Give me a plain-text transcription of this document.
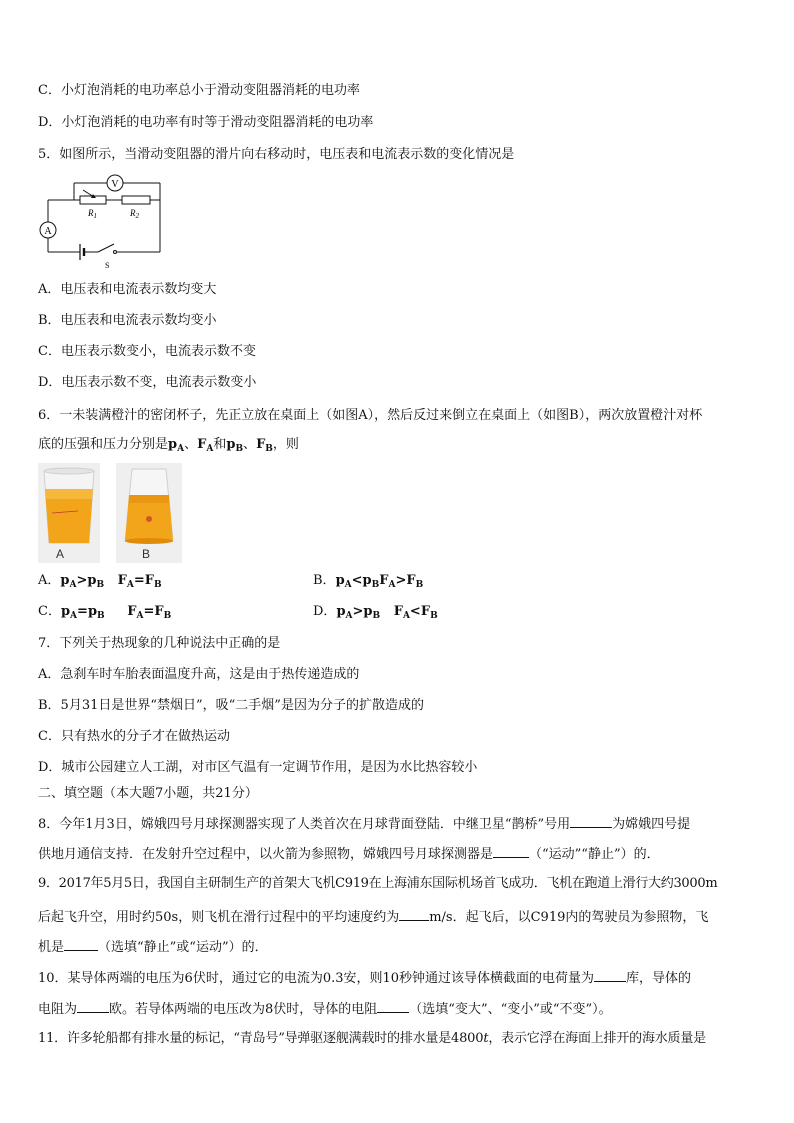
C．小灯泡消耗的电功率总小于滑动变阻器消耗的电功率
D．小灯泡消耗的电功率有时等于滑动变阻器消耗的电功率
5．如图所示，当滑动变阻器的滑片向右移动时，电压表和电流表示数的变化情况是
V
A
$R_1$	$R_2$
S
A．电压表和电流表示数均变大
B．电压表和电流表示数均变小
C．电压表示数变小，电流表示数不变
D．电压表示数不变，电流表示数变小
6．一未装满橙汁的密闭杯子，先正立放在桌面上（如图A），然后反过来倒立在桌面上（如图B），两次放置橙汁对杯
底的压强和压力分别是$p_A$、$F_A$和$p_B$、$F_B$，则
A	B
A．$p_A>p_B$ $F_A=F_B$	B．$p_A<p_BF_A>F_B$
C．$p_A=p_B$ $F_A=F_B$	D．$p_A>p_B$ $F_A<F_B$
7．下列关于热现象的几种说法中正确的是
A．急刹车时车胎表面温度升高，这是由于热传递造成的
B．5月31日是世界“禁烟日”，吸“二手烟”是因为分子的扩散造成的
C．只有热水的分子才在做热运动
D．城市公园建立人工湖，对市区气温有一定调节作用，是因为水比热容较小
二、填空题（本大题7小题，共21分）
8．今年1月3日，嫦娥四号月球探测器实现了人类首次在月球背面登陆．中继卫星“鹊桥”号用	为嫦娥四号提
供地月通信支持．在发射升空过程中，以火箭为参照物，嫦娥四号月球探测器是	（“运动”“静止”）的．
9．2017年5月5日，我国自主研制生产的首架大飞机C919在上海浦东国际机场首飞成功．飞机在跑道上滑行大约3000m
后起飞升空，用时约50s，则飞机在滑行过程中的平均速度约为 m/s．起飞后，以C919内的驾驶员为参照物，飞
机是	（选填“静止”或“运动”）的．
10．某导体两端的电压为6伏时，通过它的电流为0.3安，则10秒钟通过该导体横截面的电荷量为 库，导体的
电阻为 欧。若导体两端的电压改为8伏时，导体的电阻 （选填“变大”、“变小”或“不变”）。
11．许多轮船都有排水量的标记，“青岛号”导弹驱逐舰满载时的排水量是4800t，表示它浮在海面上排开的海水质量是
